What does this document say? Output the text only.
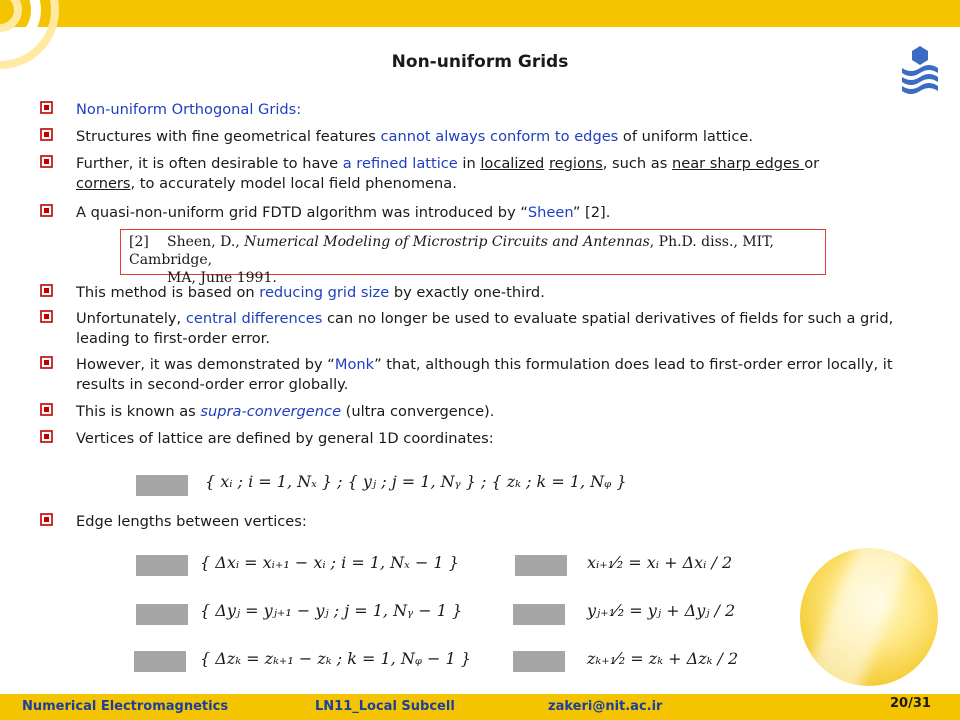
Non-uniform Grids
Non-uniform Orthogonal Grids:
Structures with fine geometrical features cannot always conform to edges of uniform lattice.
Further, it is often desirable to have a refined lattice in localized regions, such as near sharp edges or
corners, to accurately model local field phenomena.
A quasi-non-uniform grid FDTD algorithm was introduced by “Sheen” [2].
This method is based on reducing grid size by exactly one-third.
Unfortunately, central differences can no longer be used to evaluate spatial derivatives of fields for such a grid, leading to first-order error.
However, it was demonstrated by “Monk” that, although this formulation does lead to first-order error locally, it results in second-order error globally.
This is known as supra-convergence (ultra convergence).
Vertices of lattice are defined by general 1D coordinates:
Edge lengths between vertices:
[2] Sheen, D., Numerical Modeling of Microstrip Circuits and Antennas, Ph.D. diss., MIT, Cambridge,
MA, June 1991.
{ xᵢ ; i = 1, Nₓ } ; { yⱼ ; j = 1, Nᵧ } ; { zₖ ; k = 1, Nᵩ }
{ Δxᵢ = xᵢ₊₁ − xᵢ ; i = 1, Nₓ − 1 }	xᵢ₊₁⁄₂ = xᵢ + Δxᵢ / 2
{ Δyⱼ = yⱼ₊₁ − yⱼ ; j = 1, Nᵧ − 1 }	yⱼ₊₁⁄₂ = yⱼ + Δyⱼ / 2
{ Δzₖ = zₖ₊₁ − zₖ ; k = 1, Nᵩ − 1 }	zₖ₊₁⁄₂ = zₖ + Δzₖ / 2
Numerical Electromagnetics	LN11_Local Subcell	zakeri@nit.ac.ir	20/31
